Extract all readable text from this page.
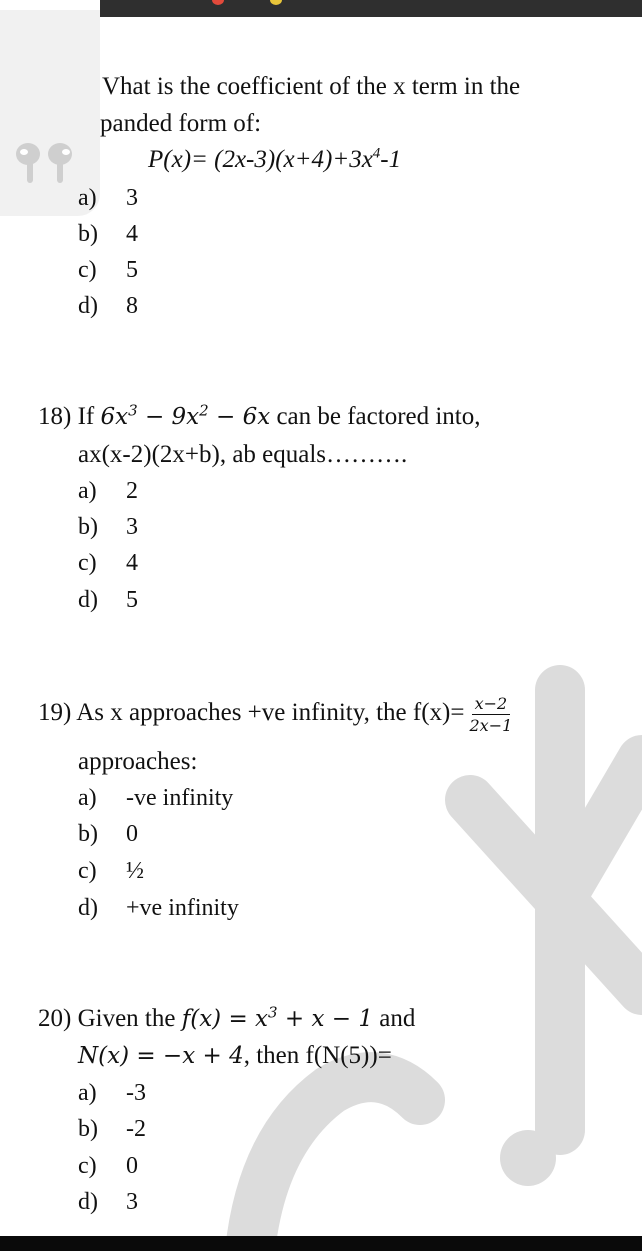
Vhat is the coefficient of the x term in the
panded form of:
$P(x)= (2x-3)(x+4)+3x^4-1$
a) 3
b) 4
c) 5
d) 8
18) If $6x^3 - 9x^2 - 6x$ can be factored into,
ax(x-2)(2x+b), ab equals……….
a) 2
b) 3
c) 4
d) 5
19) As x approaches +ve infinity, the $f(x)= \frac{x-2}{2x-1}$
approaches:
a) -ve infinity
b) 0
c) ½
d) +ve infinity
20) Given the $f(x) = x^3 + x - 1$ and
N(x) = −x + 4, then f(N(5))=
a) -3
b) -2
c) 0
d) 3
